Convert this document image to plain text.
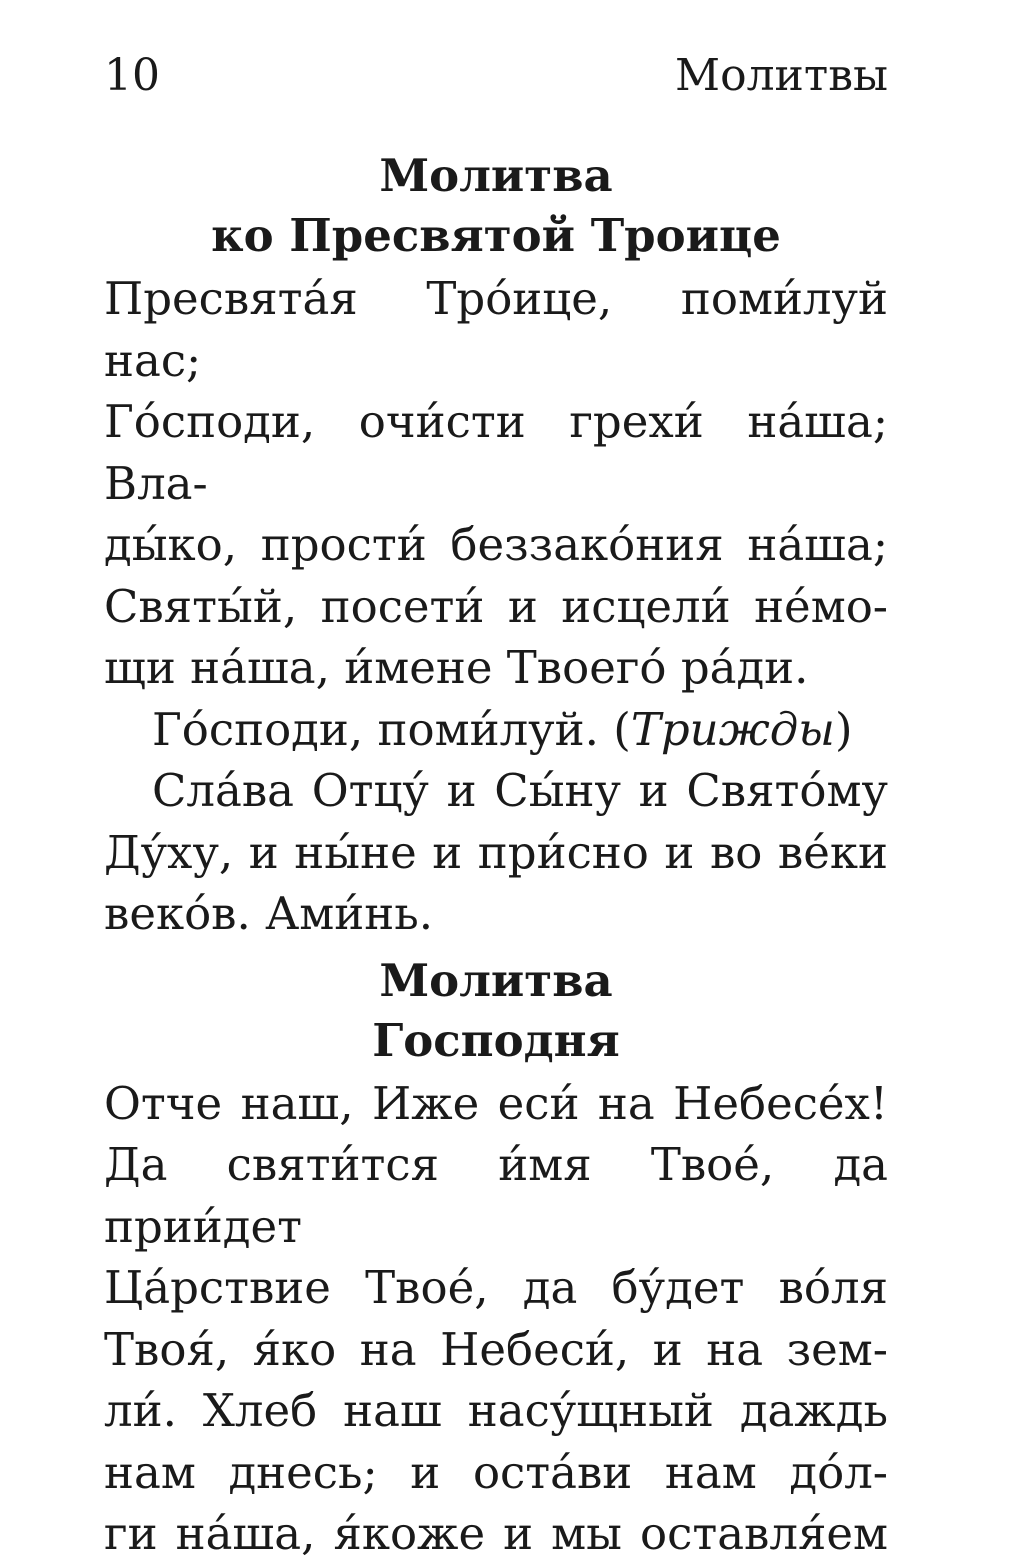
10	Молитвы
Молитва
ко Пресвятой Троице
Пресвята́я Тро́ице, поми́луй нас;
Го́споди, очи́сти грехи́ на́ша; Вла-
ды́ко, прости́ беззако́ния на́ша;
Святы́й, посети́ и исцели́ не́мо-
щи на́ша, и́мене Твоего́ ра́ди.
Го́споди, поми́луй. (Трижды)
Сла́ва Отцу́ и Сы́ну и Свято́му
Ду́ху, и ны́не и при́сно и во ве́ки
веко́в. Ами́нь.
Молитва
Господня
Отче наш, Иже еси́ на Небесе́х!
Да святи́тся и́мя Твое́, да прии́дет
Ца́рствие Твое́, да бу́дет во́ля
Твоя́, я́ко на Небеси́, и на зем-
ли́. Хлеб наш насу́щный даждь
нам днесь; и оста́ви нам до́л-
ги на́ша, я́коже и мы оставля́ем
